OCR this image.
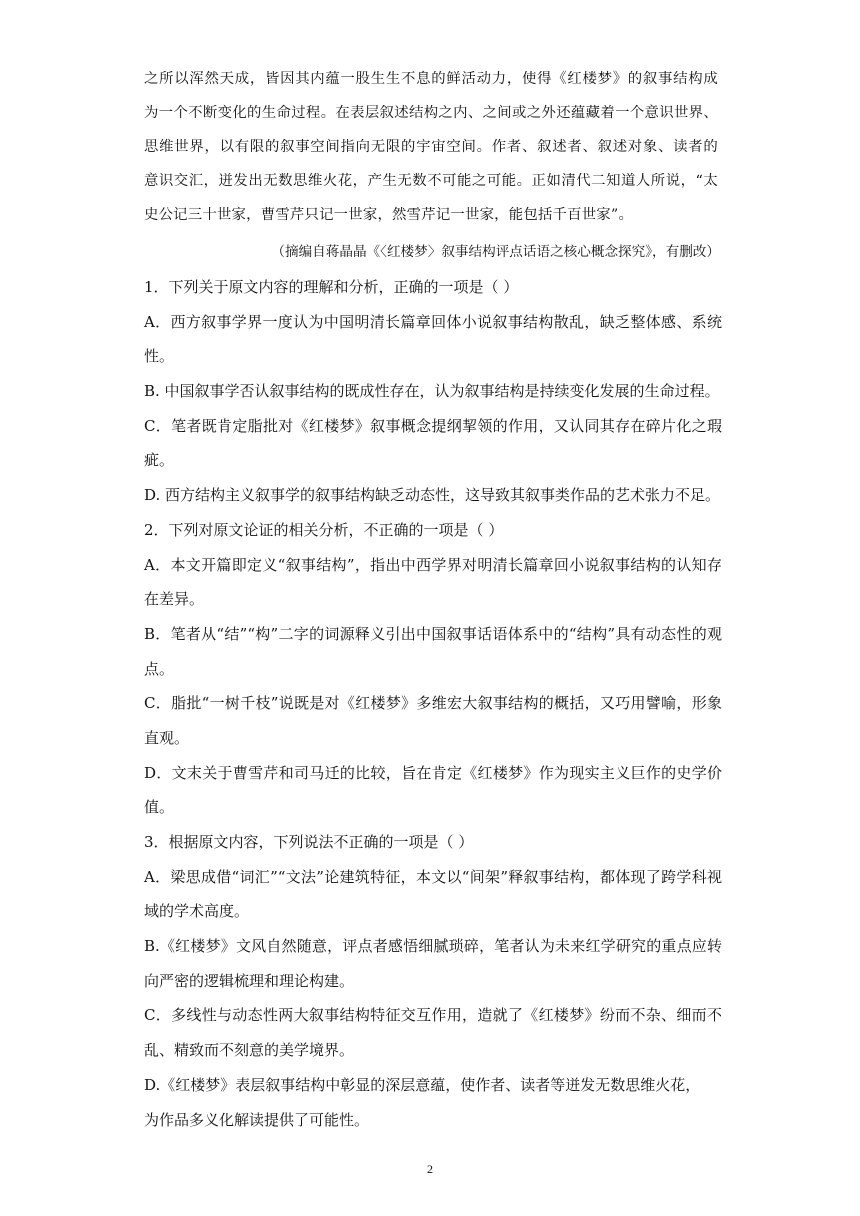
之所以浑然天成，皆因其内蕴一股生生不息的鲜活动力，使得《红楼梦》的叙事结构成
为一个不断变化的生命过程。在表层叙述结构之内、之间或之外还蕴藏着一个意识世界、
思维世界，以有限的叙事空间指向无限的宇宙空间。作者、叙述者、叙述对象、读者的
意识交汇，迸发出无数思维火花，产生无数不可能之可能。正如清代二知道人所说，“太
史公记三十世家，曹雪芹只记一世家，然雪芹记一世家，能包括千百世家”。
（摘编自蒋晶晶《〈红楼梦〉叙事结构评点话语之核心概念探究》，有删改）
1．下列关于原文内容的理解和分析，正确的一项是（ ）
A．西方叙事学界一度认为中国明清长篇章回体小说叙事结构散乱，缺乏整体感、系统
性。
B. 中国叙事学否认叙事结构的既成性存在，认为叙事结构是持续变化发展的生命过程。
C．笔者既肯定脂批对《红楼梦》叙事概念提纲挈领的作用，又认同其存在碎片化之瑕
疵。
D. 西方结构主义叙事学的叙事结构缺乏动态性，这导致其叙事类作品的艺术张力不足。
2．下列对原文论证的相关分析，不正确的一项是（ ）
A．本文开篇即定义“叙事结构”，指出中西学界对明清长篇章回小说叙事结构的认知存
在差异。
B．笔者从“结”“构”二字的词源释义引出中国叙事话语体系中的“结构”具有动态性的观
点。
C．脂批“一树千枝”说既是对《红楼梦》多维宏大叙事结构的概括，又巧用譬喻，形象
直观。
D．文末关于曹雪芹和司马迁的比较，旨在肯定《红楼梦》作为现实主义巨作的史学价
值。
3．根据原文内容，下列说法不正确的一项是（ ）
A．梁思成借“词汇”“文法”论建筑特征，本文以“间架”释叙事结构，都体现了跨学科视
域的学术高度。
B.《红楼梦》文风自然随意，评点者感悟细腻琐碎，笔者认为未来红学研究的重点应转
向严密的逻辑梳理和理论构建。
C．多线性与动态性两大叙事结构特征交互作用，造就了《红楼梦》纷而不杂、细而不
乱、精致而不刻意的美学境界。
D.《红楼梦》表层叙事结构中彰显的深层意蕴，使作者、读者等迸发无数思维火花，
为作品多义化解读提供了可能性。
2
